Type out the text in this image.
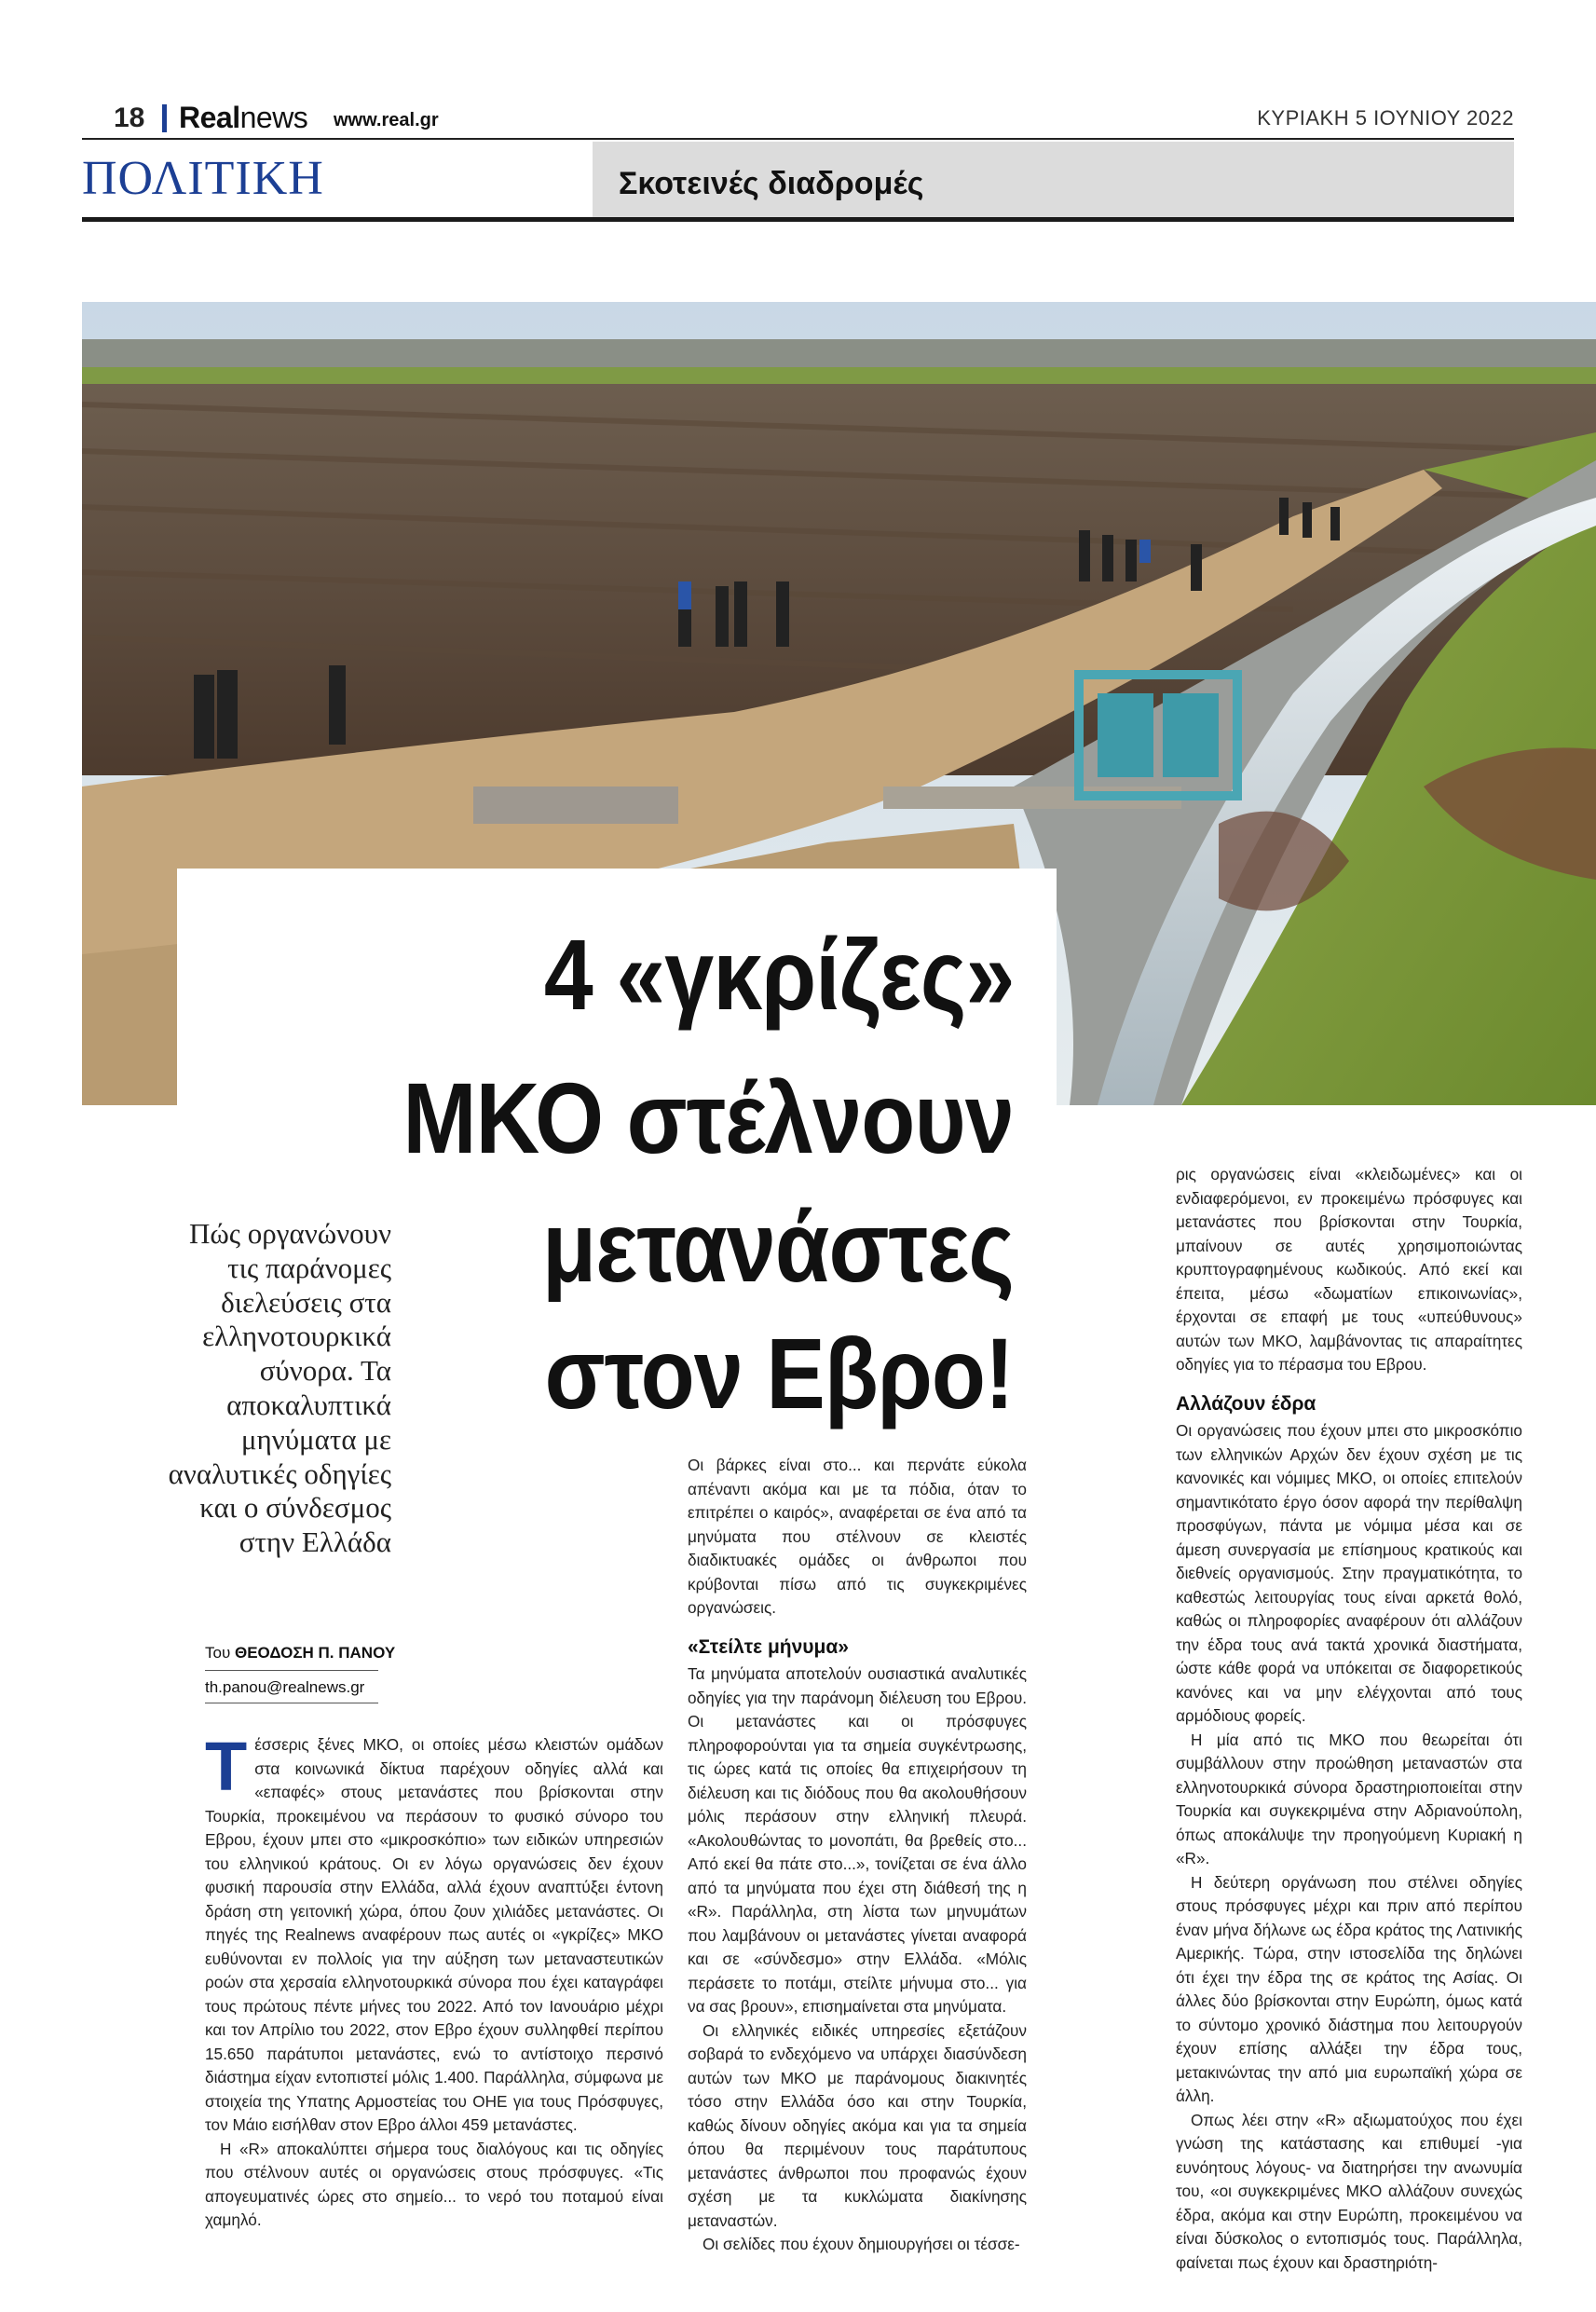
18 Realnews www.real.gr	ΚΥΡΙΑΚΗ 5 ΙΟΥΝΙΟΥ 2022
ΠΟΛΙΤΙΚΗ	Σκοτεινές διαδρομές
4 «γκρίζες»
ΜΚΟ στέλνουν
μετανάστες
στον Εβρο!
Πώς οργανώνουν
τις παράνομες
διελεύσεις στα
ελληνοτουρκικά
σύνορα. Τα
αποκαλυπτικά
μηνύματα με
αναλυτικές οδηγίες
και ο σύνδεσμος
στην Ελλάδα
Του ΘΕΟΔΟΣΗ Π. ΠΑΝΟΥ
th.panou@realnews.gr

Τέσσερις ξένες ΜΚΟ, οι οποίες μέσω κλειστών ομάδων στα κοινωνικά δίκτυα παρέχουν οδηγίες αλλά και «επαφές» στους μετανάστες που βρίσκονται στην Τουρκία, προκειμένου να περάσουν το φυσικό σύνορο του Εβρου, έχουν μπει στο «μικροσκόπιο» των ειδικών υπηρεσιών του ελληνικού κράτους. Οι εν λόγω οργανώσεις δεν έχουν φυσική παρουσία στην Ελλάδα, αλλά έχουν αναπτύξει έντονη δράση στη γειτονική χώρα, όπου ζουν χιλιάδες μετανάστες. Οι πηγές της Realnews αναφέρουν πως αυτές οι «γκρίζες» ΜΚΟ ευθύνονται εν πολλοίς για την αύξηση των μεταναστευτικών ροών στα χερσαία ελληνοτουρκικά σύνορα που έχει καταγράφει τους πρώτους πέντε μήνες του 2022. Από τον Ιανουάριο μέχρι και τον Απρίλιο του 2022, στον Εβρο έχουν συλληφθεί περίπου 15.650 παράτυποι μετανάστες, ενώ το αντίστοιχο περσινό διάστημα είχαν εντοπιστεί μόλις 1.400. Παράλληλα, σύμφωνα με στοιχεία της Υπατης Αρμοστείας του ΟΗΕ για τους Πρόσφυγες, τον Μάιο εισήλθαν στον Εβρο άλλοι 459 μετανάστες.

Η «R» αποκαλύπτει σήμερα τους διαλόγους και τις οδηγίες που στέλνουν αυτές οι οργανώσεις στους πρόσφυγες. «Τις απογευματινές ώρες στο σημείο... το νερό του ποταμού είναι χαμηλό.

Οι βάρκες είναι στο... και περνάτε εύκολα απέναντι ακόμα και με τα πόδια, όταν το επιτρέπει ο καιρός», αναφέρεται σε ένα από τα μηνύματα που στέλνουν σε κλειστές διαδικτυακές ομάδες οι άνθρωποι που κρύβονται πίσω από τις συγκεκριμένες οργανώσεις.

«Στείλτε μήνυμα»

Τα μηνύματα αποτελούν ουσιαστικά αναλυτικές οδηγίες για την παράνομη διέλευση του Εβρου. Οι μετανάστες και οι πρόσφυγες πληροφορούνται για τα σημεία συγκέντρωσης, τις ώρες κατά τις οποίες θα επιχειρήσουν τη διέλευση και τις διόδους που θα ακολουθήσουν μόλις περάσουν στην ελληνική πλευρά. «Ακολουθώντας το μονοπάτι, θα βρεθείς στο... Από εκεί θα πάτε στο...», τονίζεται σε ένα άλλο από τα μηνύματα που έχει στη διάθεσή της η «R». Παράλληλα, στη λίστα των μηνυμάτων που λαμβάνουν οι μετανάστες γίνεται αναφορά και σε «σύνδεσμο» στην Ελλάδα. «Μόλις περάσετε το ποτάμι, στείλτε μήνυμα στο... για να σας βρουν», επισημαίνεται στα μηνύματα.

Οι ελληνικές ειδικές υπηρεσίες εξετάζουν σοβαρά το ενδεχόμενο να υπάρχει διασύνδεση αυτών των ΜΚΟ με παράνομους διακινητές τόσο στην Ελλάδα όσο και στην Τουρκία, καθώς δίνουν οδηγίες ακόμα και για τα σημεία όπου θα περιμένουν τους παράτυπους μετανάστες άνθρωποι που προφανώς έχουν σχέση με τα κυκλώματα διακίνησης μεταναστών.

Οι σελίδες που έχουν δημιουργήσει οι τέσσε-

ρις οργανώσεις είναι «κλειδωμένες» και οι ενδιαφερόμενοι, εν προκειμένω πρόσφυγες και μετανάστες που βρίσκονται στην Τουρκία, μπαίνουν σε αυτές χρησιμοποιώντας κρυπτογραφημένους κωδικούς. Από εκεί και έπειτα, μέσω «δωματίων επικοινωνίας», έρχονται σε επαφή με τους «υπεύθυνους» αυτών των ΜΚΟ, λαμβάνοντας τις απαραίτητες οδηγίες για το πέρασμα του Εβρου.

Αλλάζουν έδρα

Οι οργανώσεις που έχουν μπει στο μικροσκόπιο των ελληνικών Αρχών δεν έχουν σχέση με τις κανονικές και νόμιμες ΜΚΟ, οι οποίες επιτελούν σημαντικότατο έργο όσον αφορά την περίθαλψη προσφύγων, πάντα με νόμιμα μέσα και σε άμεση συνεργασία με επίσημους κρατικούς και διεθνείς οργανισμούς. Στην πραγματικότητα, το καθεστώς λειτουργίας τους είναι αρκετά θολό, καθώς οι πληροφορίες αναφέρουν ότι αλλάζουν την έδρα τους ανά τακτά χρονικά διαστήματα, ώστε κάθε φορά να υπόκειται σε διαφορετικούς κανόνες και να μην ελέγχονται από τους αρμόδιους φορείς.

Η μία από τις ΜΚΟ που θεωρείται ότι συμβάλλουν στην προώθηση μεταναστών στα ελληνοτουρκικά σύνορα δραστηριοποιείται στην Τουρκία και συγκεκριμένα στην Αδριανούπολη, όπως αποκάλυψε την προηγούμενη Κυριακή η «R».

Η δεύτερη οργάνωση που στέλνει οδηγίες στους πρόσφυγες μέχρι και πριν από περίπου έναν μήνα δήλωνε ως έδρα κράτος της Λατινικής Αμερικής. Τώρα, στην ιστοσελίδα της δηλώνει ότι έχει την έδρα της σε κράτος της Ασίας. Οι άλλες δύο βρίσκονται στην Ευρώπη, όμως κατά το σύντομο χρονικό διάστημα που λειτουργούν έχουν επίσης αλλάξει την έδρα τους, μετακινώντας την από μια ευρωπαϊκή χώρα σε άλλη.

Οπως λέει στην «R» αξιωματούχος που έχει γνώση της κατάστασης και επιθυμεί -για ευνόητους λόγους- να διατηρήσει την ανωνυμία του, «οι συγκεκριμένες ΜΚΟ αλλάζουν συνεχώς έδρα, ακόμα και στην Ευρώπη, προκειμένου να είναι δύσκολος ο εντοπισμός τους. Παράλληλα, φαίνεται πως έχουν και δραστηριότη-
